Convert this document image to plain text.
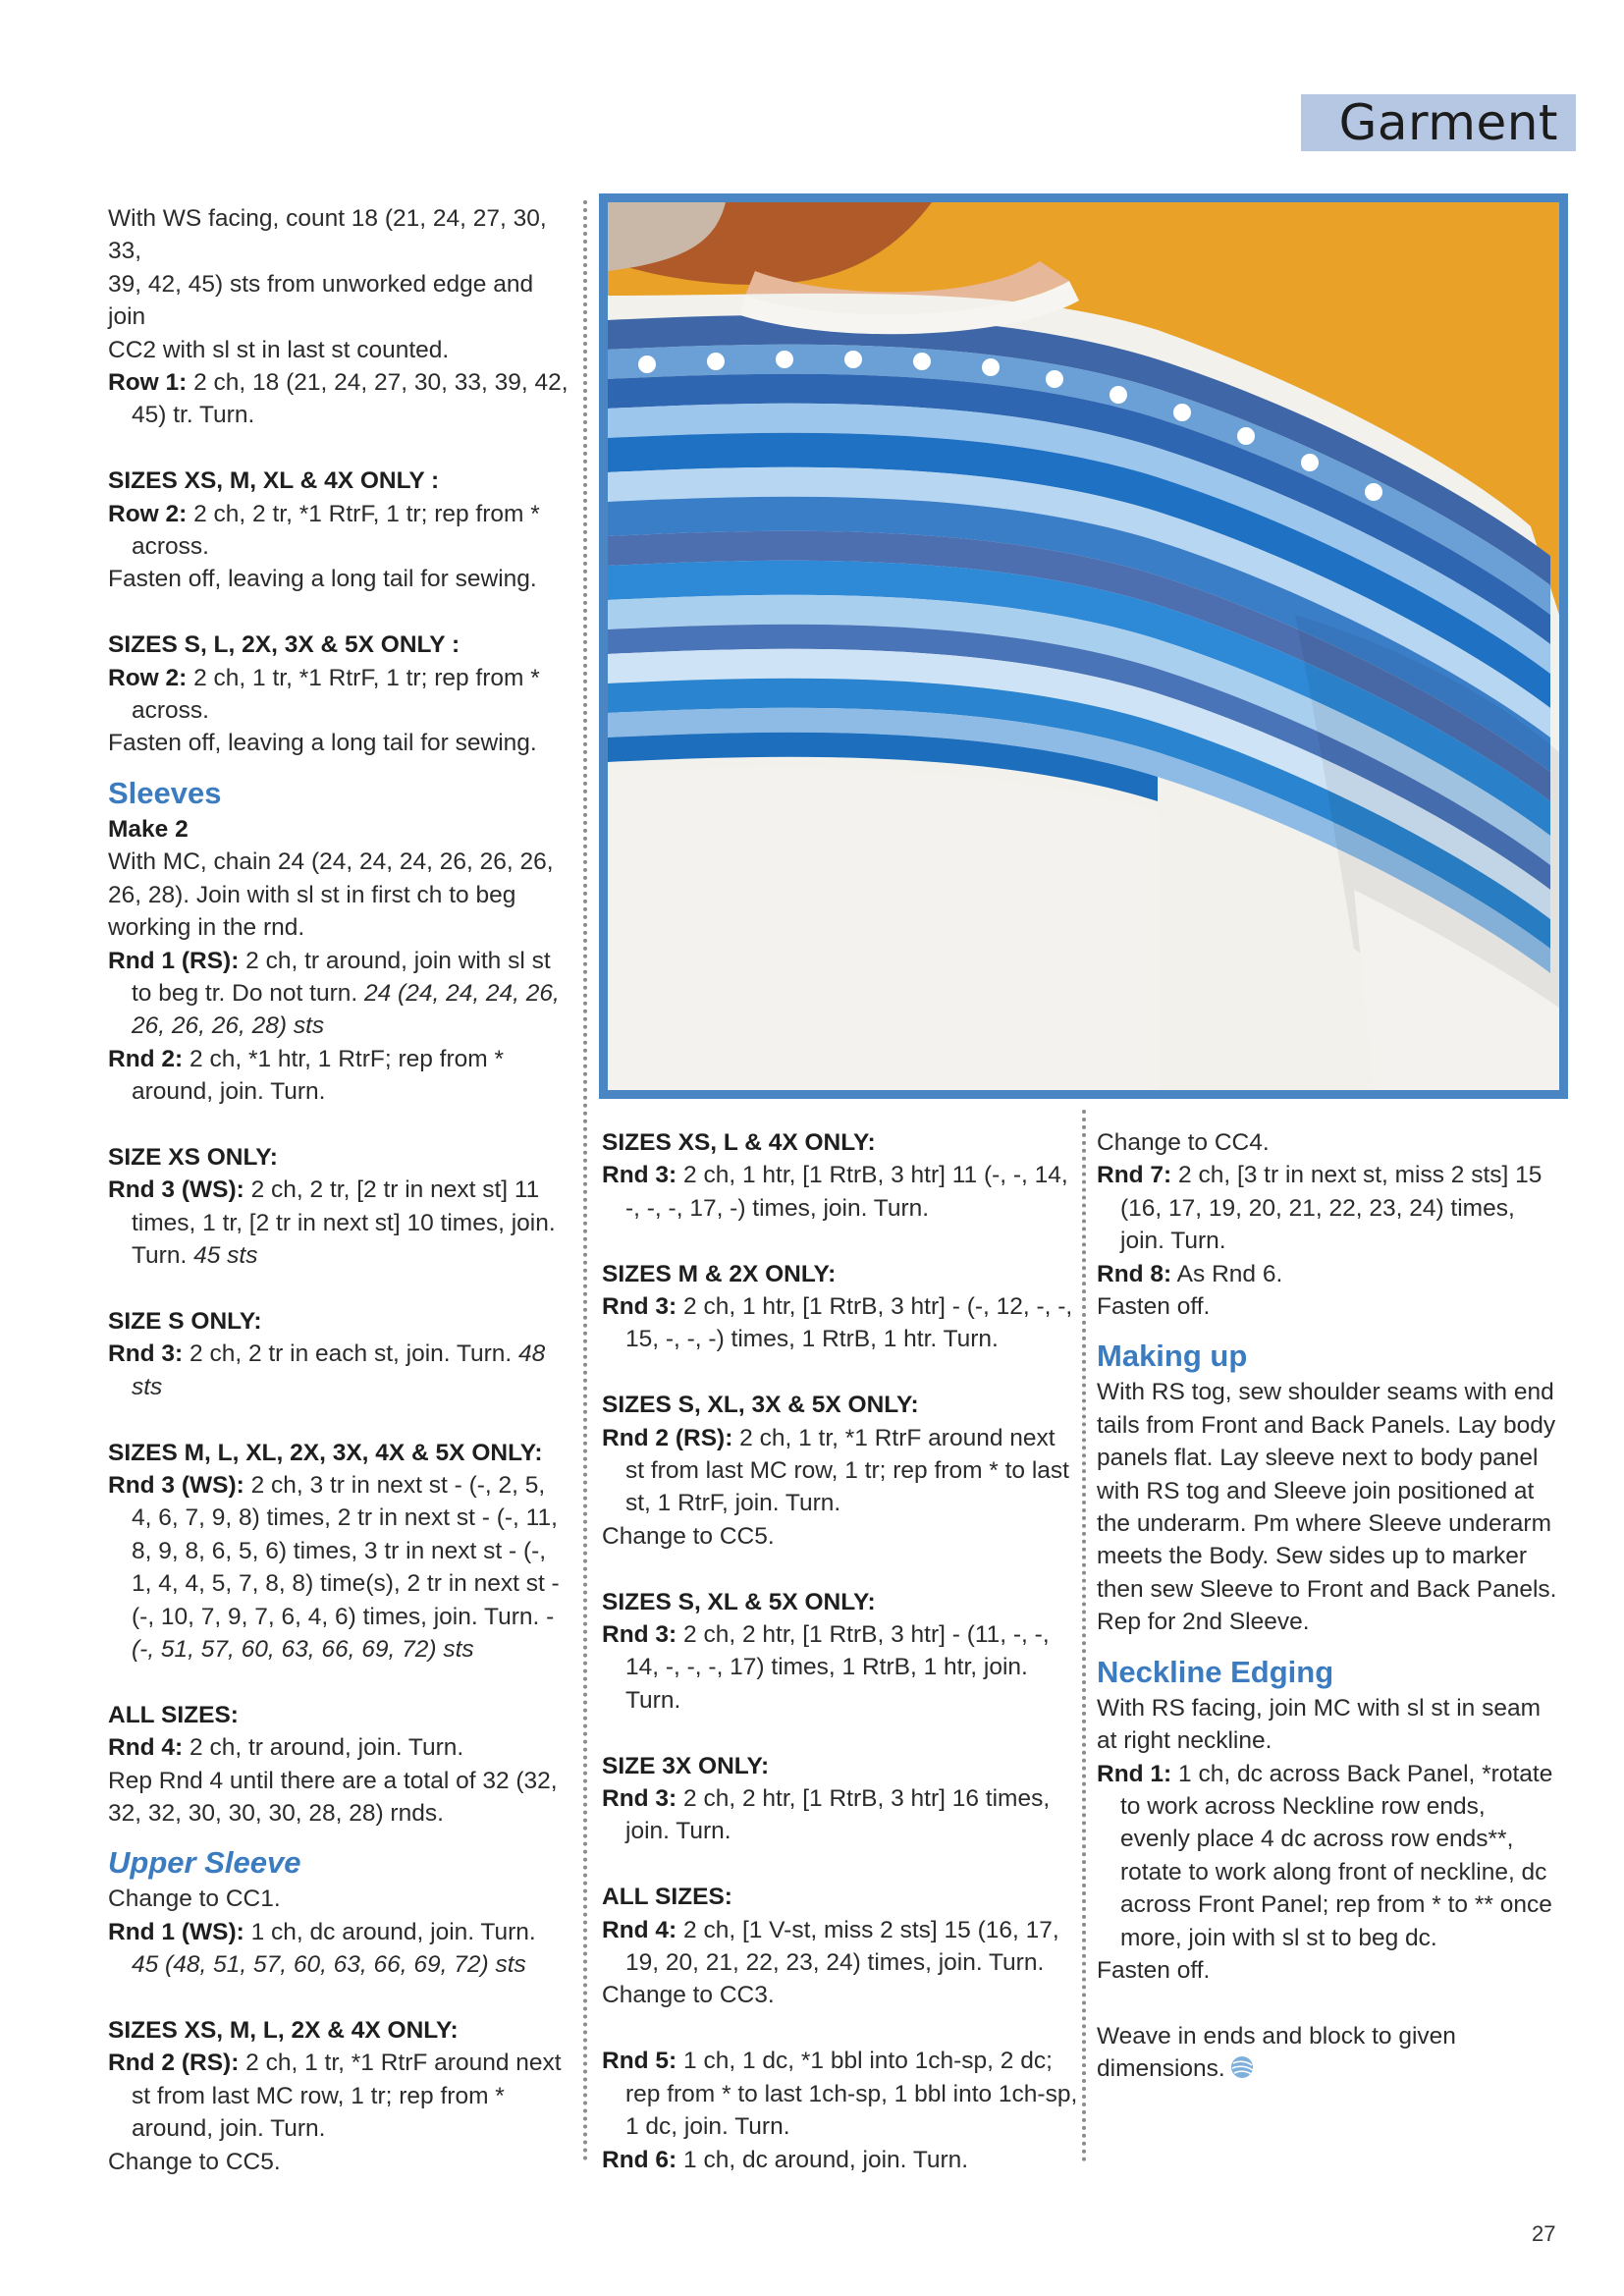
Garment
With WS facing, count 18 (21, 24, 27, 30, 33,
39, 42, 45) sts from unworked edge and join
CC2 with sl st in last st counted.
Row 1: 2 ch, 18 (21, 24, 27, 30, 33, 39, 42, 45) tr. Turn.
SIZES XS, M, XL & 4X ONLY :
Row 2: 2 ch, 2 tr, *1 RtrF, 1 tr; rep from * across.
Fasten off, leaving a long tail for sewing.
SIZES S, L, 2X, 3X & 5X ONLY :
Row 2: 2 ch, 1 tr, *1 RtrF, 1 tr; rep from * across.
Fasten off, leaving a long tail for sewing.
Sleeves
Make 2
With MC, chain 24 (24, 24, 24, 26, 26, 26, 26, 28). Join with sl st in first ch to beg working in the rnd.
Rnd 1 (RS): 2 ch, tr around, join with sl st to beg tr. Do not turn. 24 (24, 24, 24, 26, 26, 26, 26, 28) sts
Rnd 2: 2 ch, *1 htr, 1 RtrF; rep from * around, join. Turn.
SIZE XS ONLY:
Rnd 3 (WS): 2 ch, 2 tr, [2 tr in next st] 11 times, 1 tr, [2 tr in next st] 10 times, join. Turn. 45 sts
SIZE S ONLY:
Rnd 3: 2 ch, 2 tr in each st, join. Turn. 48 sts
SIZES M, L, XL, 2X, 3X, 4X & 5X ONLY:
Rnd 3 (WS): 2 ch, 3 tr in next st - (-, 2, 5, 4, 6, 7, 9, 8) times, 2 tr in next st - (-, 11, 8, 9, 8, 6, 5, 6) times, 3 tr in next st - (-, 1, 4, 4, 5, 7, 8, 8) time(s), 2 tr in next st - (-, 10, 7, 9, 7, 6, 4, 6) times, join. Turn. - (-, 51, 57, 60, 63, 66, 69, 72) sts
ALL SIZES:
Rnd 4: 2 ch, tr around, join. Turn.
Rep Rnd 4 until there are a total of 32 (32, 32, 32, 30, 30, 30, 28, 28) rnds.
Upper Sleeve
Change to CC1.
Rnd 1 (WS): 1 ch, dc around, join. Turn.
45 (48, 51, 57, 60, 63, 66, 69, 72) sts
SIZES XS, M, L, 2X & 4X ONLY:
Rnd 2 (RS): 2 ch, 1 tr, *1 RtrF around next st from last MC row, 1 tr; rep from * around, join. Turn.
Change to CC5.
SIZES XS, L & 4X ONLY:
Rnd 3: 2 ch, 1 htr, [1 RtrB, 3 htr] 11 (-, -, 14, -, -, -, 17, -) times, join. Turn.
SIZES M & 2X ONLY:
Rnd 3: 2 ch, 1 htr, [1 RtrB, 3 htr] - (-, 12, -, -, 15, -, -, -) times, 1 RtrB, 1 htr. Turn.
SIZES S, XL, 3X & 5X ONLY:
Rnd 2 (RS): 2 ch, 1 tr, *1 RtrF around next st from last MC row, 1 tr; rep from * to last st, 1 RtrF, join. Turn.
Change to CC5.
SIZES S, XL & 5X ONLY:
Rnd 3: 2 ch, 2 htr, [1 RtrB, 3 htr] - (11, -, -, 14, -, -, -, 17) times, 1 RtrB, 1 htr, join. Turn.
SIZE 3X ONLY:
Rnd 3: 2 ch, 2 htr, [1 RtrB, 3 htr] 16 times, join. Turn.
ALL SIZES:
Rnd 4: 2 ch, [1 V-st, miss 2 sts] 15 (16, 17, 19, 20, 21, 22, 23, 24) times, join. Turn.
Change to CC3.
Rnd 5: 1 ch, 1 dc, *1 bbl into 1ch-sp, 2 dc; rep from * to last 1ch-sp, 1 bbl into 1ch-sp, 1 dc, join. Turn.
Rnd 6: 1 ch, dc around, join. Turn.
Change to CC4.
Rnd 7: 2 ch, [3 tr in next st, miss 2 sts] 15 (16, 17, 19, 20, 21, 22, 23, 24) times, join. Turn.
Rnd 8: As Rnd 6.
Fasten off.
Making up
With RS tog, sew shoulder seams with end tails from Front and Back Panels. Lay body panels flat. Lay sleeve next to body panel with RS tog and Sleeve join positioned at the underarm. Pm where Sleeve underarm meets the Body. Sew sides up to marker then sew Sleeve to Front and Back Panels. Rep for 2nd Sleeve.
Neckline Edging
With RS facing, join MC with sl st in seam at right neckline.
Rnd 1: 1 ch, dc across Back Panel, *rotate to work across Neckline row ends, evenly place 4 dc across row ends**, rotate to work along front of neckline, dc across Front Panel; rep from * to ** once more, join with sl st to beg dc.
Fasten off.
Weave in ends and block to given dimensions.
27
